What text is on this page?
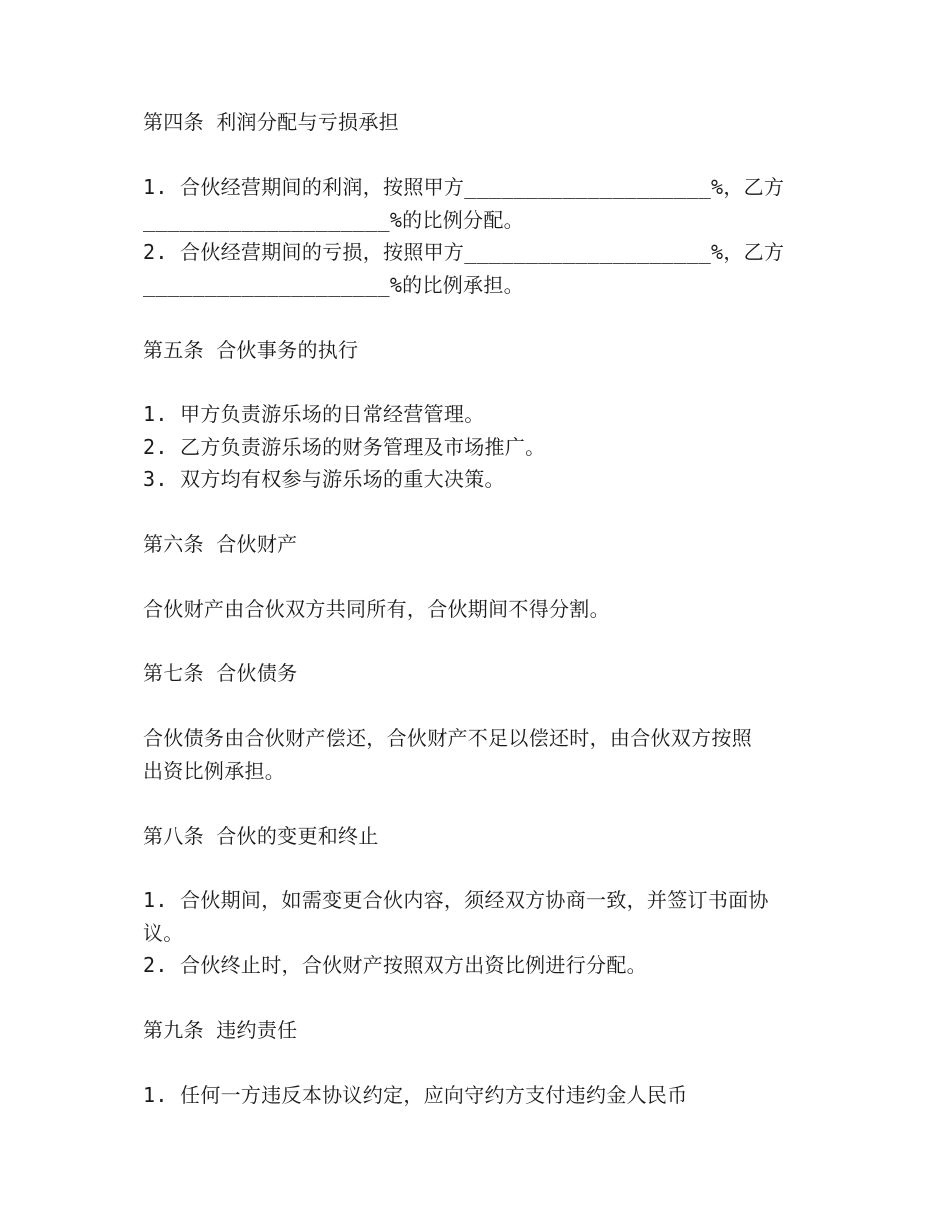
第四条 利润分配与亏损承担
1. 合伙经营期间的利润，按照甲方____________________%，乙方
____________________%的比例分配。
2. 合伙经营期间的亏损，按照甲方____________________%，乙方
____________________%的比例承担。
第五条 合伙事务的执行
1. 甲方负责游乐场的日常经营管理。
2. 乙方负责游乐场的财务管理及市场推广。
3. 双方均有权参与游乐场的重大决策。
第六条 合伙财产
合伙财产由合伙双方共同所有，合伙期间不得分割。
第七条 合伙债务
合伙债务由合伙财产偿还，合伙财产不足以偿还时，由合伙双方按照
出资比例承担。
第八条 合伙的变更和终止
1. 合伙期间，如需变更合伙内容，须经双方协商一致，并签订书面协
议。
2. 合伙终止时，合伙财产按照双方出资比例进行分配。
第九条 违约责任
1. 任何一方违反本协议约定，应向守约方支付违约金人民币
